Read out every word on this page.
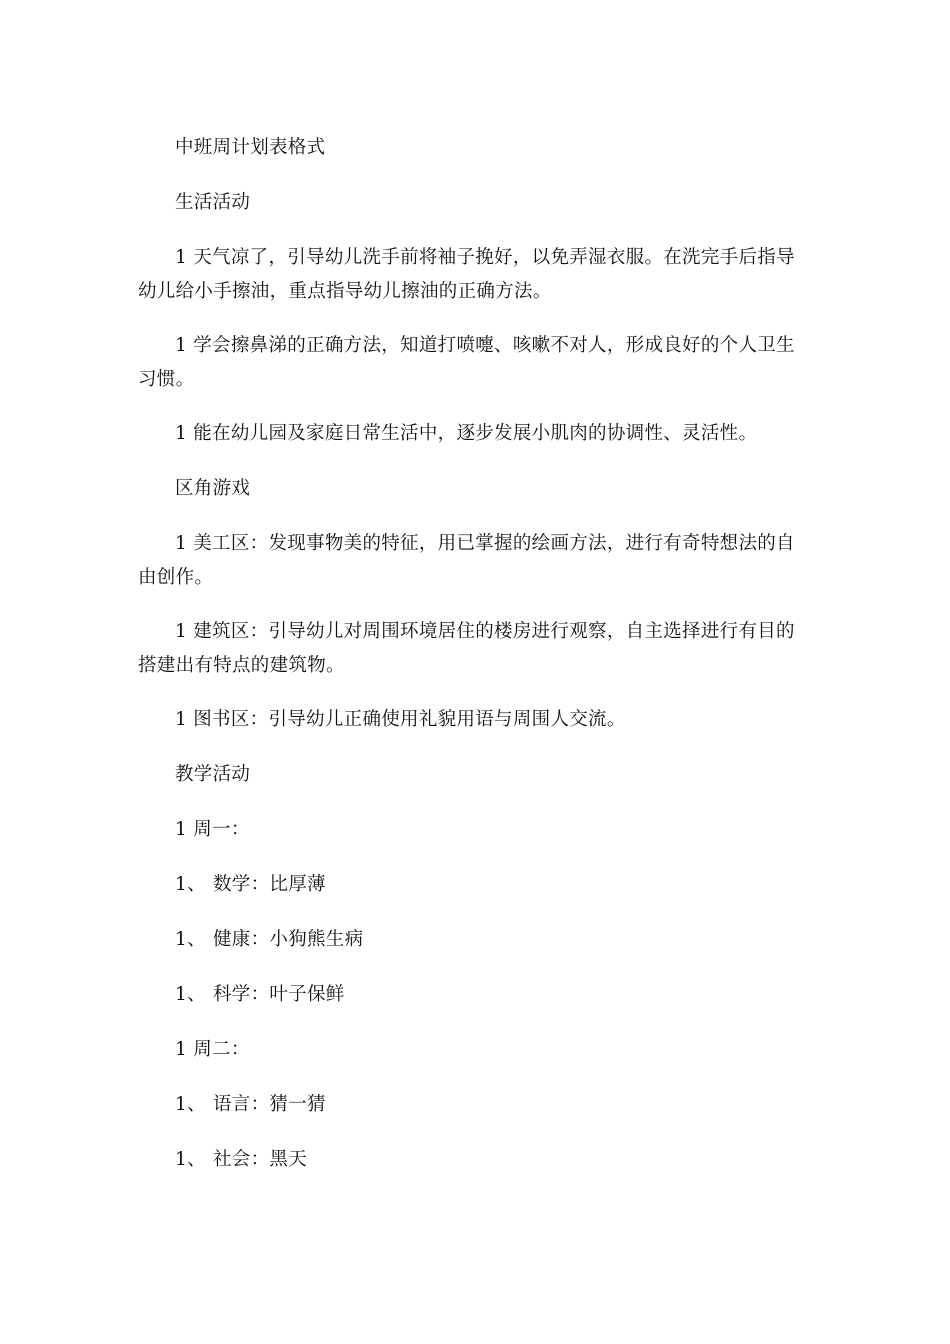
中班周计划表格式

生活活动

1 天气凉了，引导幼儿洗手前将袖子挽好，以免弄湿衣服。在洗完手后指导幼儿给小手擦油，重点指导幼儿擦油的正确方法。

1 学会擦鼻涕的正确方法，知道打喷嚏、咳嗽不对人，形成良好的个人卫生习惯。

1 能在幼儿园及家庭日常生活中，逐步发展小肌肉的协调性、灵活性。

区角游戏

1 美工区：发现事物美的特征，用已掌握的绘画方法，进行有奇特想法的自由创作。

1 建筑区：引导幼儿对周围环境居住的楼房进行观察，自主选择进行有目的搭建出有特点的建筑物。

1 图书区：引导幼儿正确使用礼貌用语与周围人交流。

教学活动

1 周一：

1、 数学：比厚薄

1、 健康：小狗熊生病

1、 科学：叶子保鲜

1 周二：

1、 语言：猜一猜

1、 社会：黑天
